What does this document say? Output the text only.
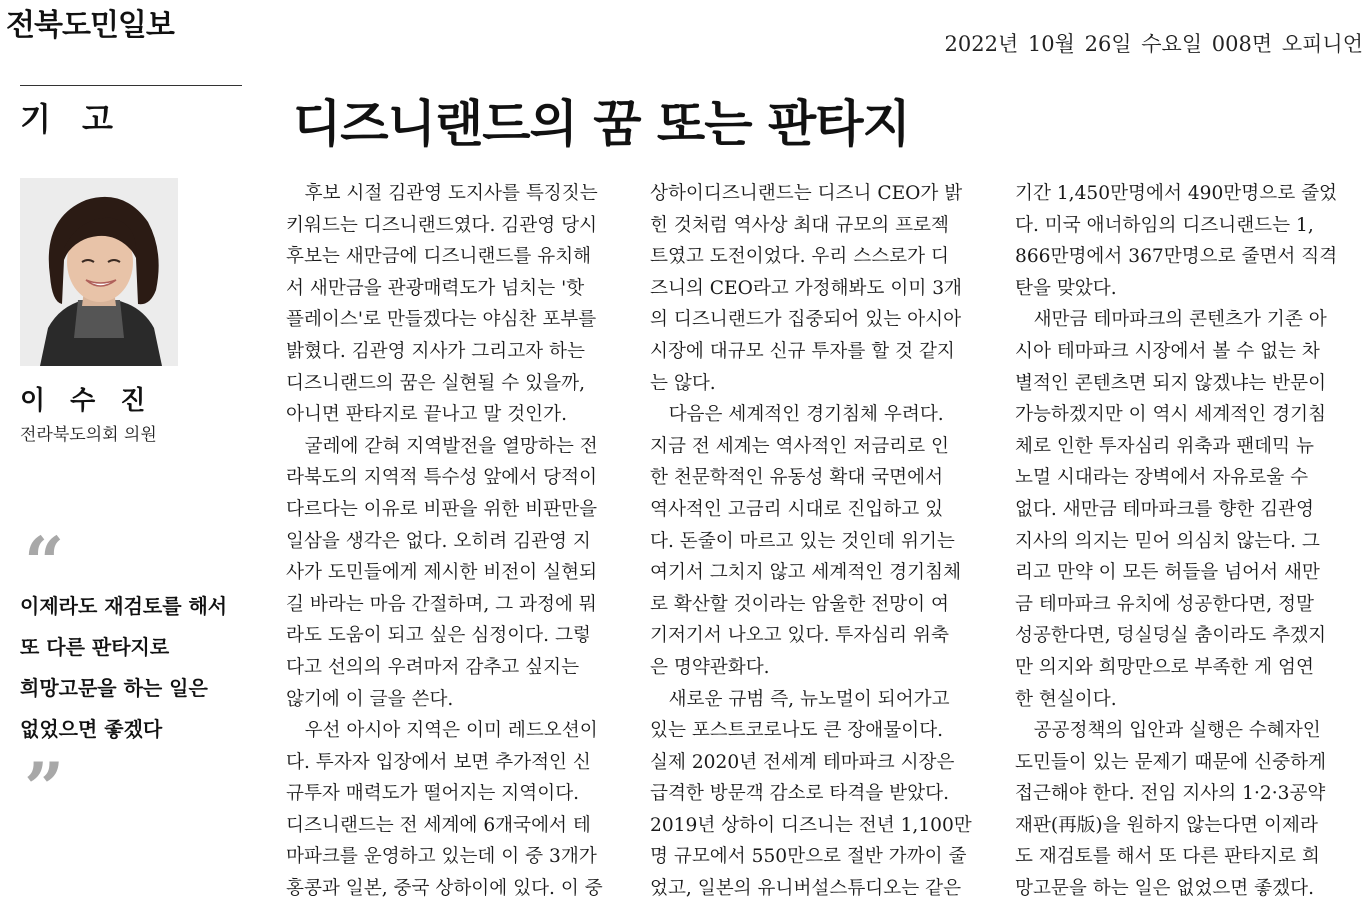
전북도민일보
2022년 10월 26일 수요일 008면 오피니언
기 고	디즈니랜드의 꿈 또는 판타지
이 수 진
전라북도의회 의원
“
이제라도 재검토를 해서
또 다른 판타지로
희망고문을 하는 일은
없었으면 좋겠다
”
　후보 시절 김관영 도지사를 특징짓는
키워드는 디즈니랜드였다. 김관영 당시
후보는 새만금에 디즈니랜드를 유치해
서 새만금을 관광매력도가 넘치는 '핫
플레이스'로 만들겠다는 야심찬 포부를
밝혔다. 김관영 지사가 그리고자 하는
디즈니랜드의 꿈은 실현될 수 있을까,
아니면 판타지로 끝나고 말 것인가.
　굴레에 갇혀 지역발전을 열망하는 전
라북도의 지역적 특수성 앞에서 당적이
다르다는 이유로 비판을 위한 비판만을
일삼을 생각은 없다. 오히려 김관영 지
사가 도민들에게 제시한 비전이 실현되
길 바라는 마음 간절하며, 그 과정에 뭐
라도 도움이 되고 싶은 심정이다. 그렇
다고 선의의 우려마저 감추고 싶지는
않기에 이 글을 쓴다.
　우선 아시아 지역은 이미 레드오션이
다. 투자자 입장에서 보면 추가적인 신
규투자 매력도가 떨어지는 지역이다.
디즈니랜드는 전 세계에 6개국에서 테
마파크를 운영하고 있는데 이 중 3개가
홍콩과 일본, 중국 상하이에 있다. 이 중
상하이디즈니랜드는 디즈니 CEO가 밝
힌 것처럼 역사상 최대 규모의 프로젝
트였고 도전이었다. 우리 스스로가 디
즈니의 CEO라고 가정해봐도 이미 3개
의 디즈니랜드가 집중되어 있는 아시아
시장에 대규모 신규 투자를 할 것 같지
는 않다.
　다음은 세계적인 경기침체 우려다.
지금 전 세계는 역사적인 저금리로 인
한 천문학적인 유동성 확대 국면에서
역사적인 고금리 시대로 진입하고 있
다. 돈줄이 마르고 있는 것인데 위기는
여기서 그치지 않고 세계적인 경기침체
로 확산할 것이라는 암울한 전망이 여
기저기서 나오고 있다. 투자심리 위축
은 명약관화다.
　새로운 규범 즉, 뉴노멀이 되어가고
있는 포스트코로나도 큰 장애물이다.
실제 2020년 전세계 테마파크 시장은
급격한 방문객 감소로 타격을 받았다.
2019년 상하이 디즈니는 전년 1,100만
명 규모에서 550만으로 절반 가까이 줄
었고, 일본의 유니버설스튜디오는 같은
기간 1,450만명에서 490만명으로 줄었
다. 미국 애너하임의 디즈니랜드는 1,
866만명에서 367만명으로 줄면서 직격
탄을 맞았다.
　새만금 테마파크의 콘텐츠가 기존 아
시아 테마파크 시장에서 볼 수 없는 차
별적인 콘텐츠면 되지 않겠냐는 반문이
가능하겠지만 이 역시 세계적인 경기침
체로 인한 투자심리 위축과 팬데믹 뉴
노멀 시대라는 장벽에서 자유로울 수
없다. 새만금 테마파크를 향한 김관영
지사의 의지는 믿어 의심치 않는다. 그
리고 만약 이 모든 허들을 넘어서 새만
금 테마파크 유치에 성공한다면, 정말
성공한다면, 덩실덩실 춤이라도 추겠지
만 의지와 희망만으로 부족한 게 엄연
한 현실이다.
　공공정책의 입안과 실행은 수혜자인
도민들이 있는 문제기 때문에 신중하게
접근해야 한다. 전임 지사의 1·2·3공약
재판(再版)을 원하지 않는다면 이제라
도 재검토를 해서 또 다른 판타지로 희
망고문을 하는 일은 없었으면 좋겠다.
